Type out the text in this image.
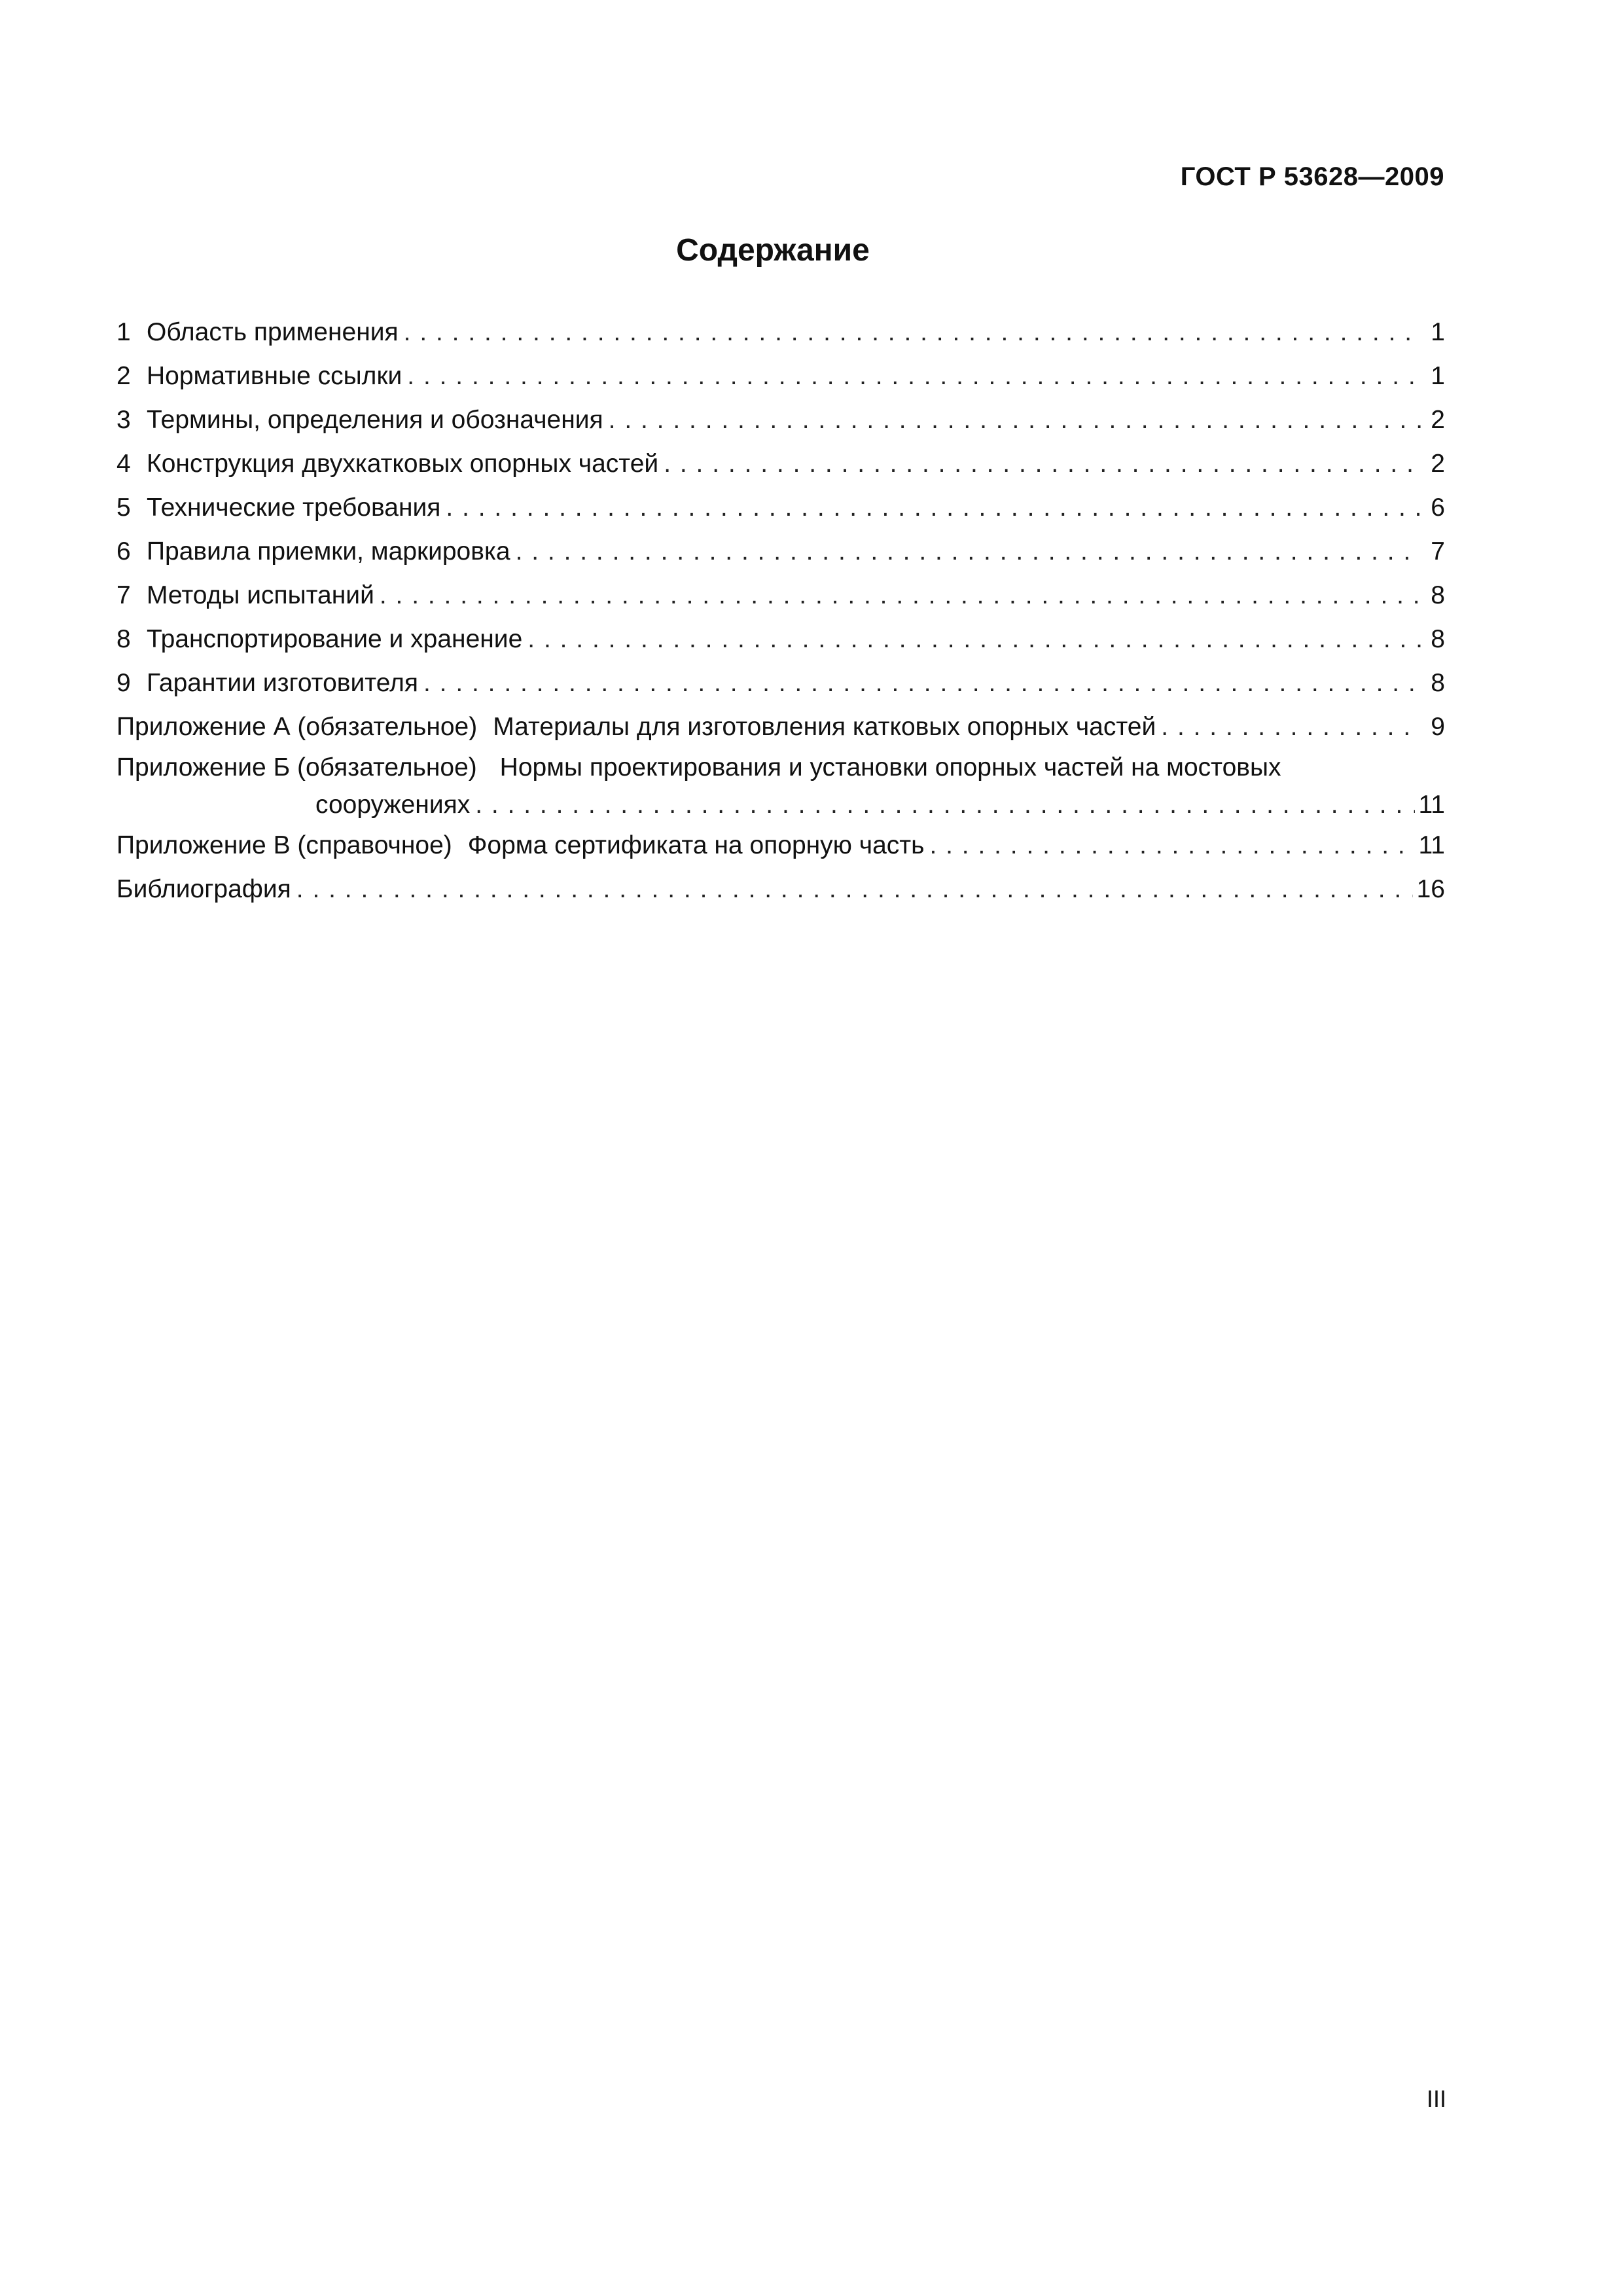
ГОСТ Р 53628—2009
Содержание
1 Область применения . . .	1
2 Нормативные ссылки . . .	1
3 Термины, определения и обозначения . . .	2
4 Конструкция двухкатковых опорных частей . . .	2
5 Технические требования . . .	6
6 Правила приемки, маркировка . . .	7
7 Методы испытаний . . .	8
8 Транспортирование и хранение . . .	8
9 Гарантии изготовителя . . .	8
Приложение А (обязательное) Материалы для изготовления катковых опорных частей . . .	9
Приложение Б (обязательное) Нормы проектирования и установки опорных частей на мостовых
сооружениях . . .	11
Приложение В (справочное) Форма сертификата на опорную часть . . .	11
Библиография . . .	16
III
